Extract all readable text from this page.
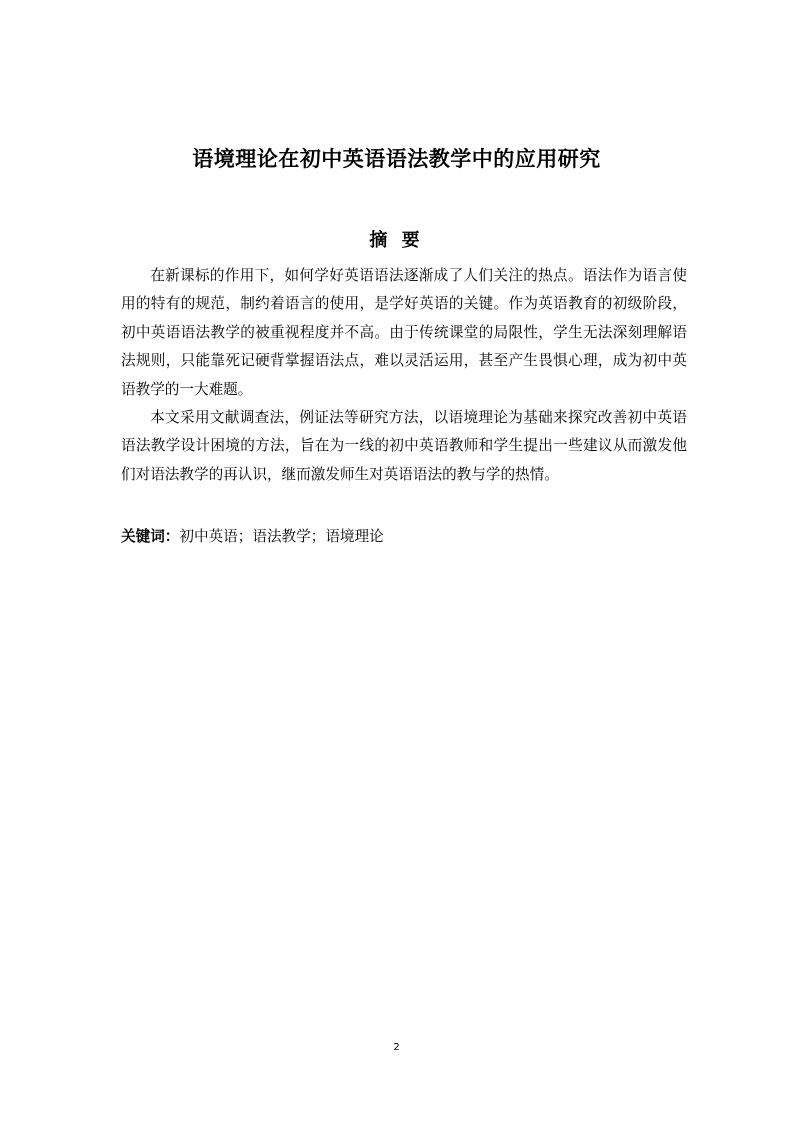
语境理论在初中英语语法教学中的应用研究
摘 要

在新课标的作用下，如何学好英语语法逐渐成了人们关注的热点。语法作为语言使用的特有的规范，制约着语言的使用，是学好英语的关键。作为英语教育的初级阶段，初中英语语法教学的被重视程度并不高。由于传统课堂的局限性，学生无法深刻理解语法规则，只能靠死记硬背掌握语法点，难以灵活运用，甚至产生畏惧心理，成为初中英语教学的一大难题。

本文采用文献调查法，例证法等研究方法，以语境理论为基础来探究改善初中英语语法教学设计困境的方法，旨在为一线的初中英语教师和学生提出一些建议从而激发他们对语法教学的再认识，继而激发师生对英语语法的教与学的热情。

关键词：初中英语；语法教学；语境理论

2
